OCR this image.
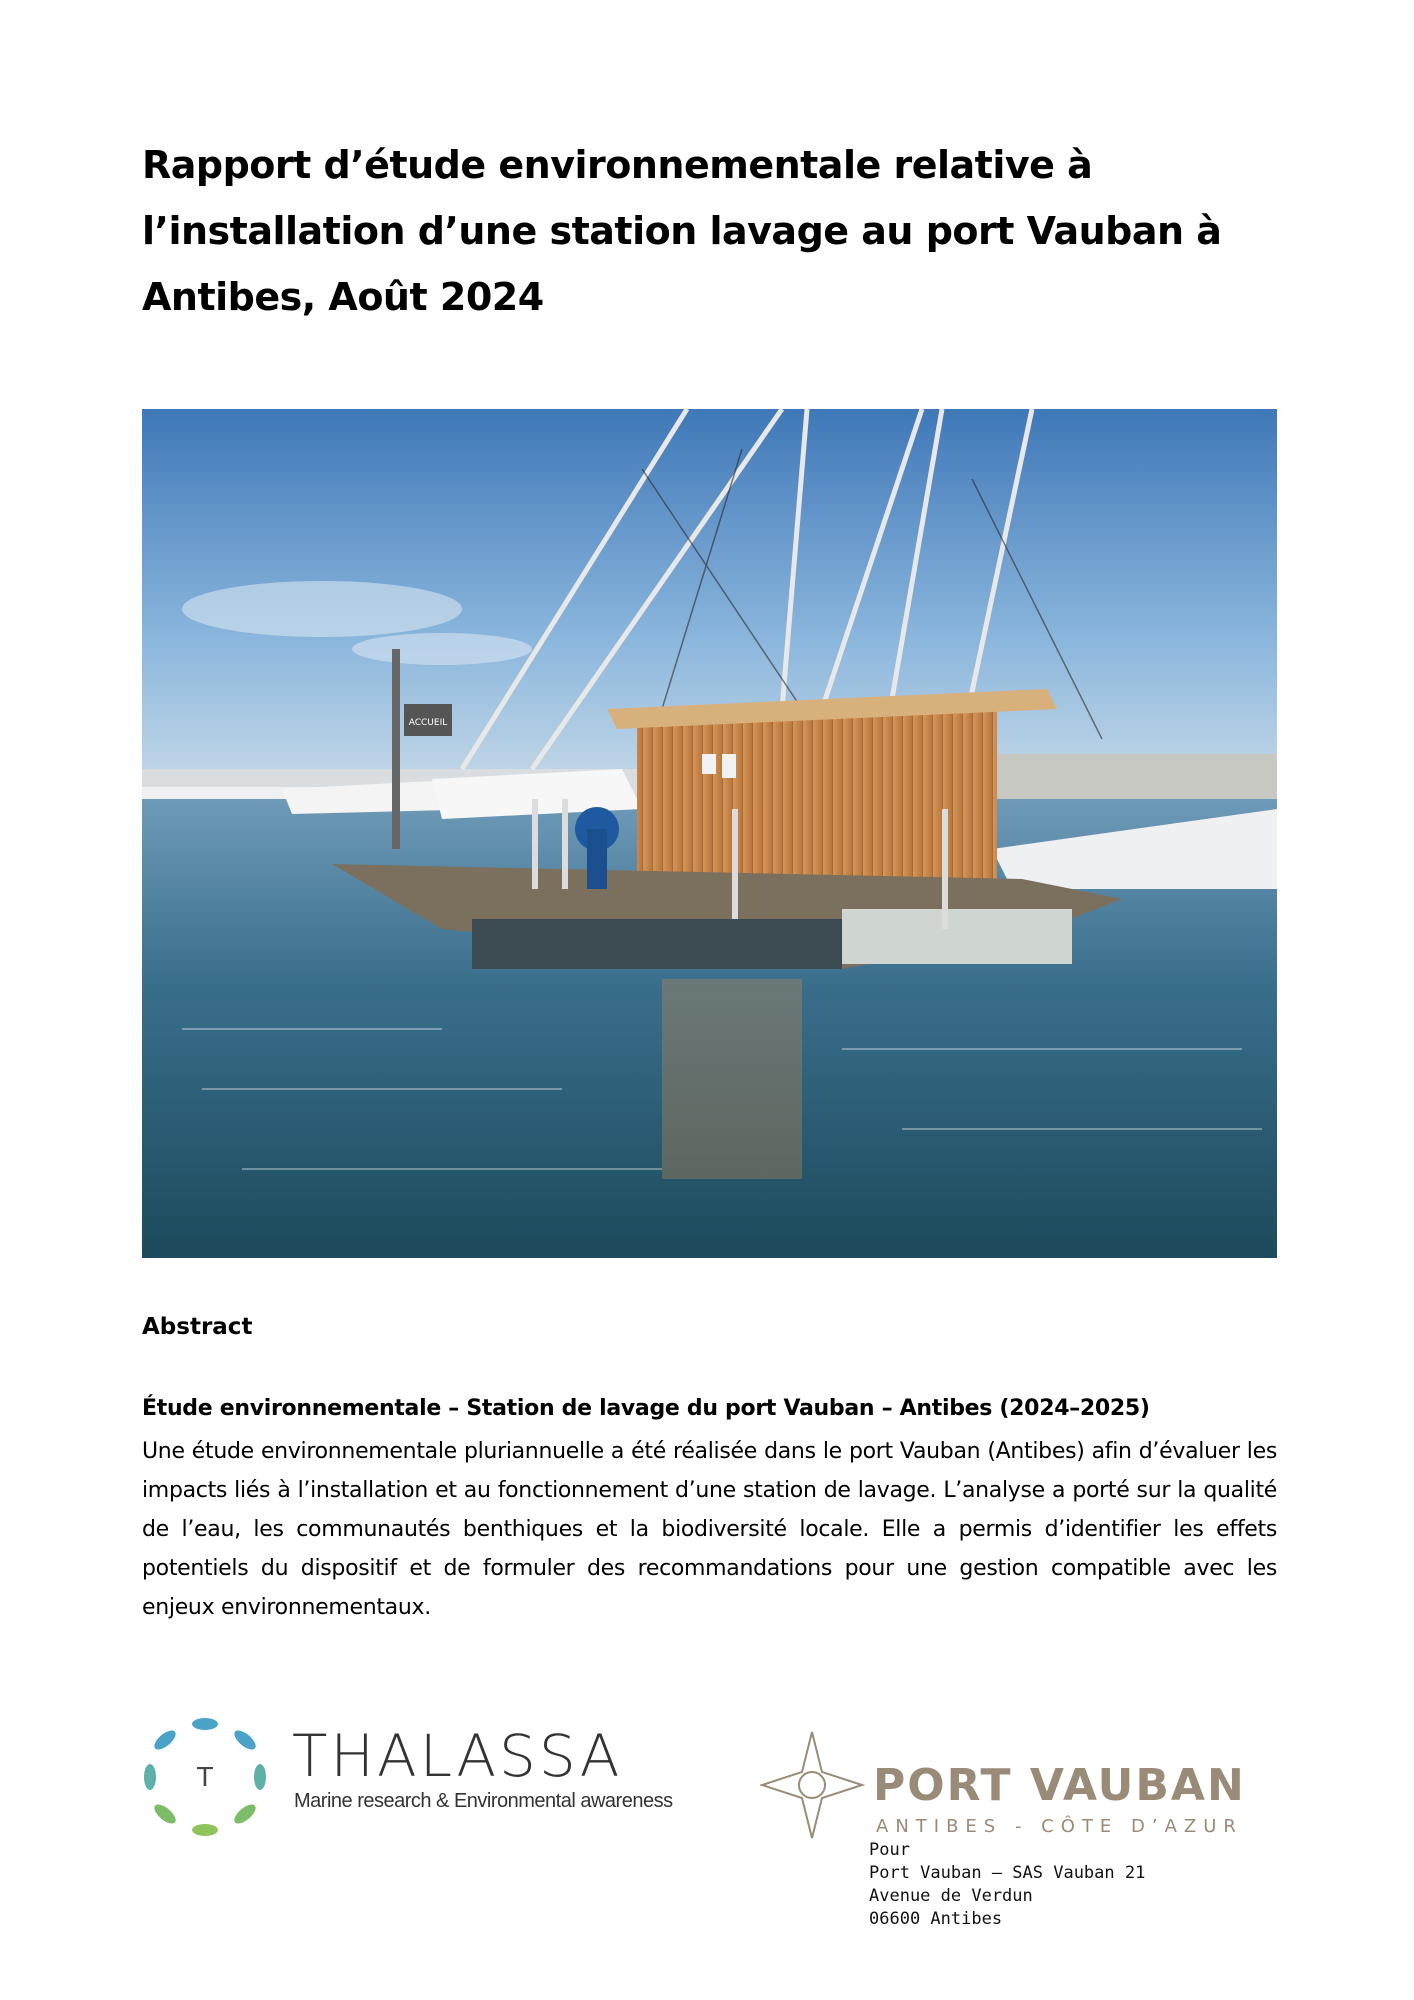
Rapport d’étude environnementale relative à
l’installation d’une station lavage au port Vauban à
Antibes, Août 2024
ACCUEIL

Abstract

Étude environnementale – Station de lavage du port Vauban – Antibes (2024–2025)

Une étude environnementale pluriannuelle a été réalisée dans le port Vauban (Antibes) afin d’évaluer les impacts liés à l’installation et au fonctionnement d’une station de lavage. L’analyse a porté sur la qualité de l’eau, les communautés benthiques et la biodiversité locale. Elle a permis d’identifier les effets potentiels du dispositif et de formuler des recommandations pour une gestion compatible avec les enjeux environnementaux.

T THALASSA
Marine research & Environmental awareness	PORT VAUBAN
ANTIBES - CÔTE D’AZUR
Pour
Port Vauban – SAS Vauban 21
Avenue de Verdun
06600 Antibes
